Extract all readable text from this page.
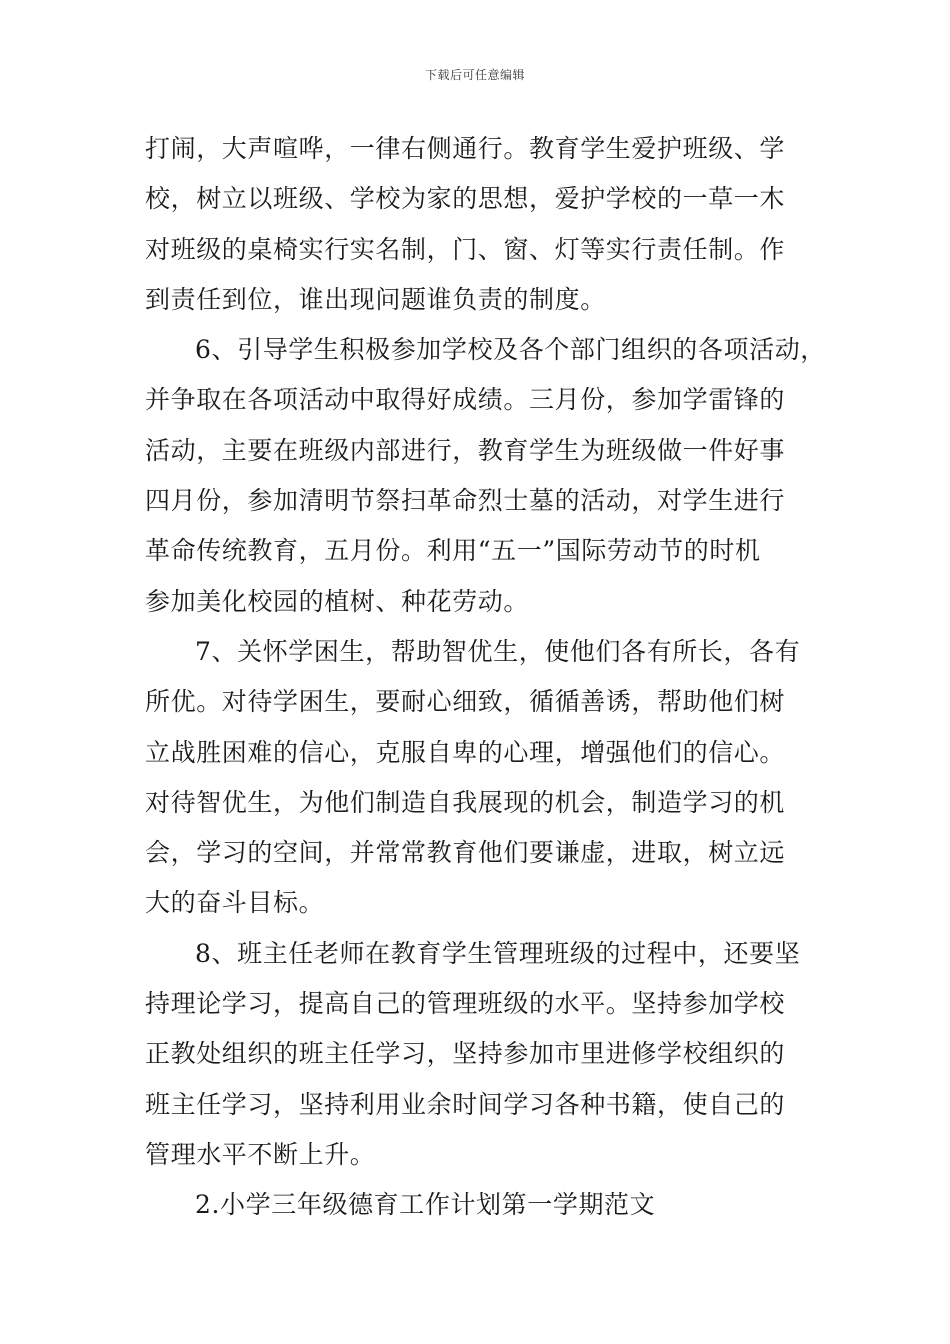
下载后可任意编辑
打闹，大声喧哗，一律右侧通行。教育学生爱护班级、学
校，树立以班级、学校为家的思想，爱护学校的一草一木
对班级的桌椅实行实名制，门、窗、灯等实行责任制。作
到责任到位，谁出现问题谁负责的制度。
6、引导学生积极参加学校及各个部门组织的各项活动，
并争取在各项活动中取得好成绩。三月份，参加学雷锋的
活动，主要在班级内部进行，教育学生为班级做一件好事
四月份，参加清明节祭扫革命烈士墓的活动，对学生进行
革命传统教育，五月份。利用“五一”国际劳动节的时机
参加美化校园的植树、种花劳动。
7、关怀学困生，帮助智优生，使他们各有所长，各有
所优。对待学困生，要耐心细致，循循善诱，帮助他们树
立战胜困难的信心，克服自卑的心理，增强他们的信心。
对待智优生，为他们制造自我展现的机会，制造学习的机
会，学习的空间，并常常教育他们要谦虚，进取，树立远
大的奋斗目标。
8、班主任老师在教育学生管理班级的过程中，还要坚
持理论学习，提高自己的管理班级的水平。坚持参加学校
正教处组织的班主任学习，坚持参加市里进修学校组织的
班主任学习，坚持利用业余时间学习各种书籍，使自己的
管理水平不断上升。
2.小学三年级德育工作计划第一学期范文
